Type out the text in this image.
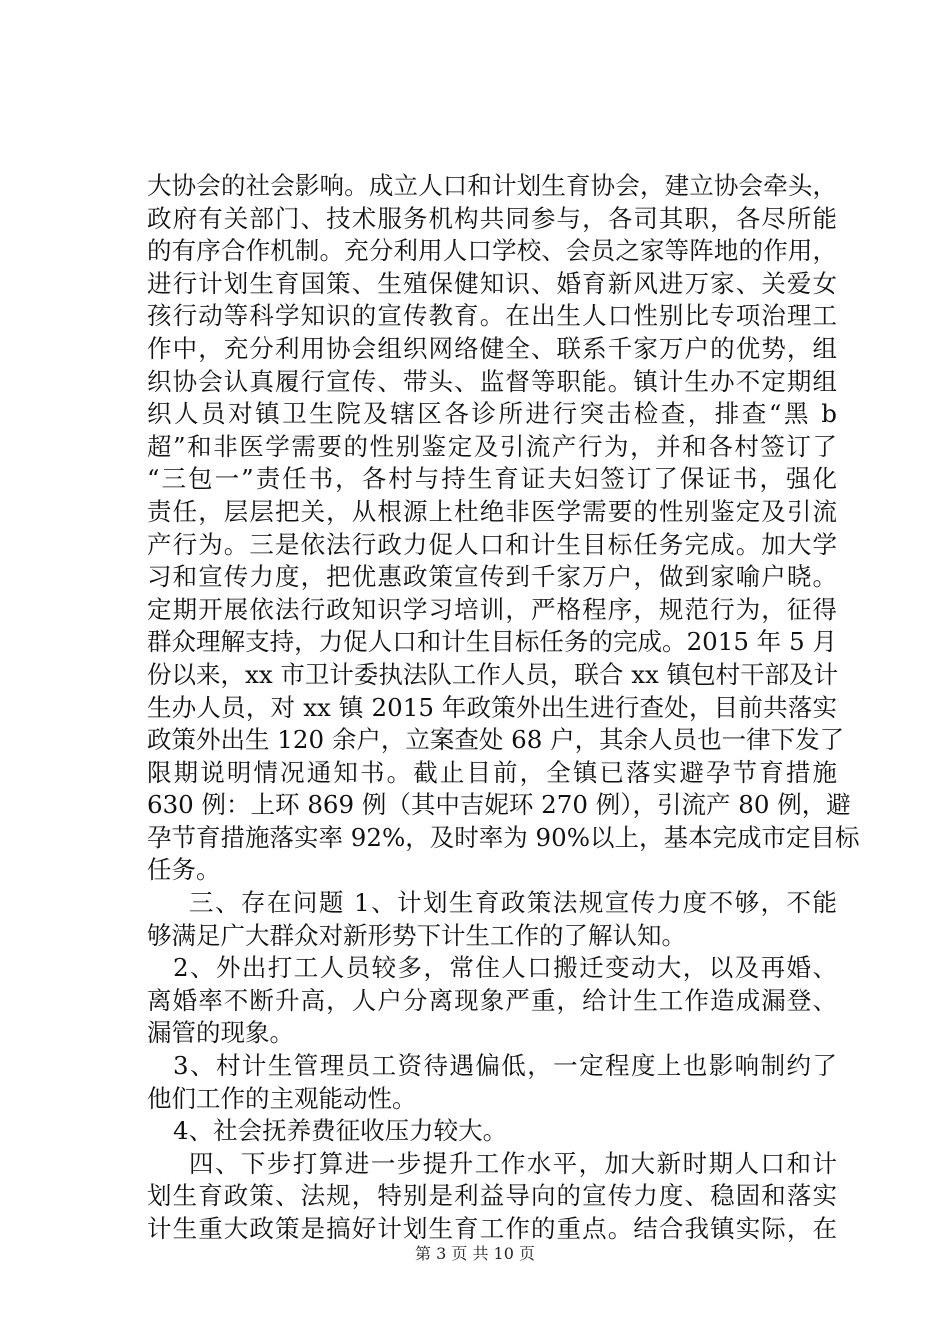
大协会的社会影响。成立人口和计划生育协会，建立协会牵头，
政府有关部门、技术服务机构共同参与，各司其职，各尽所能
的有序合作机制。充分利用人口学校、会员之家等阵地的作用，
进行计划生育国策、生殖保健知识、婚育新风进万家、关爱女
孩行动等科学知识的宣传教育。在出生人口性别比专项治理工
作中，充分利用协会组织网络健全、联系千家万户的优势，组
织协会认真履行宣传、带头、监督等职能。镇计生办不定期组
织人员对镇卫生院及辖区各诊所进行突击检查，排查“黑 b
超”和非医学需要的性别鉴定及引流产行为，并和各村签订了
“三包一”责任书，各村与持生育证夫妇签订了保证书，强化
责任，层层把关，从根源上杜绝非医学需要的性别鉴定及引流
产行为。三是依法行政力促人口和计生目标任务完成。加大学
习和宣传力度，把优惠政策宣传到千家万户，做到家喻户晓。
定期开展依法行政知识学习培训，严格程序，规范行为，征得
群众理解支持，力促人口和计生目标任务的完成。2015 年 5 月
份以来，xx 市卫计委执法队工作人员，联合 xx 镇包村干部及计
生办人员，对 xx 镇 2015 年政策外出生进行查处，目前共落实
政策外出生 120 余户，立案查处 68 户，其余人员也一律下发了
限期说明情况通知书。截止目前，全镇已落实避孕节育措施
630 例：上环 869 例（其中吉妮环 270 例），引流产 80 例，避
孕节育措施落实率 92%，及时率为 90%以上，基本完成市定目标
任务。
三、存在问题 1、计划生育政策法规宣传力度不够，不能
够满足广大群众对新形势下计生工作的了解认知。
2、外出打工人员较多，常住人口搬迁变动大，以及再婚、
离婚率不断升高，人户分离现象严重，给计生工作造成漏登、
漏管的现象。
3、村计生管理员工资待遇偏低，一定程度上也影响制约了
他们工作的主观能动性。
4、社会抚养费征收压力较大。
四、下步打算进一步提升工作水平，加大新时期人口和计
划生育政策、法规，特别是利益导向的宣传力度、稳固和落实
计生重大政策是搞好计划生育工作的重点。结合我镇实际，在
第 3 页 共 10 页
